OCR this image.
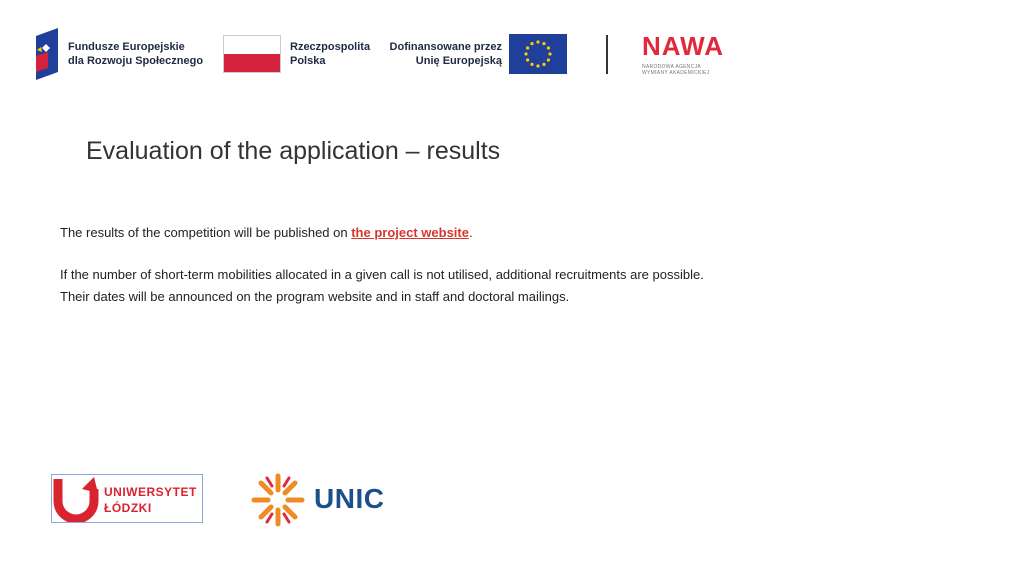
Fundusze Europejskie
dla Rozwoju Społecznego
Rzeczpospolita
Polska
Dofinansowane przez
Unię Europejską	NAWA
NARODOWA AGENCJA
WYMIANY AKADEMICKIEJ
Evaluation of the application – results
The results of the competition will be published on the project website.
If the number of short-term mobilities allocated in a given call is not utilised, additional recruitments are possible.
Their dates will be announced on the program website and in staff and doctoral mailings.
UNIWERSYTET
ŁÓDZKI	UNIC
